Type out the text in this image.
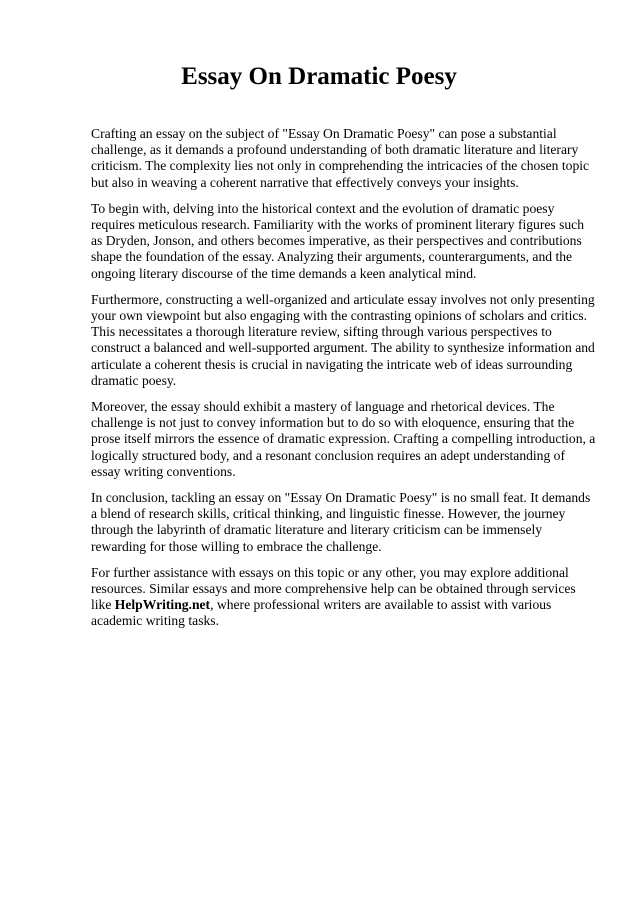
Essay On Dramatic Poesy

Crafting an essay on the subject of "Essay On Dramatic Poesy" can pose a substantial challenge, as it demands a profound understanding of both dramatic literature and literary criticism. The complexity lies not only in comprehending the intricacies of the chosen topic but also in weaving a coherent narrative that effectively conveys your insights.

To begin with, delving into the historical context and the evolution of dramatic poesy requires meticulous research. Familiarity with the works of prominent literary figures such as Dryden, Jonson, and others becomes imperative, as their perspectives and contributions shape the foundation of the essay. Analyzing their arguments, counterarguments, and the ongoing literary discourse of the time demands a keen analytical mind.

Furthermore, constructing a well-organized and articulate essay involves not only presenting your own viewpoint but also engaging with the contrasting opinions of scholars and critics. This necessitates a thorough literature review, sifting through various perspectives to construct a balanced and well-supported argument. The ability to synthesize information and articulate a coherent thesis is crucial in navigating the intricate web of ideas surrounding dramatic poesy.

Moreover, the essay should exhibit a mastery of language and rhetorical devices. The challenge is not just to convey information but to do so with eloquence, ensuring that the prose itself mirrors the essence of dramatic expression. Crafting a compelling introduction, a logically structured body, and a resonant conclusion requires an adept understanding of essay writing conventions.

In conclusion, tackling an essay on "Essay On Dramatic Poesy" is no small feat. It demands a blend of research skills, critical thinking, and linguistic finesse. However, the journey through the labyrinth of dramatic literature and literary criticism can be immensely rewarding for those willing to embrace the challenge.

For further assistance with essays on this topic or any other, you may explore additional resources. Similar essays and more comprehensive help can be obtained through services like HelpWriting.net, where professional writers are available to assist with various academic writing tasks.
